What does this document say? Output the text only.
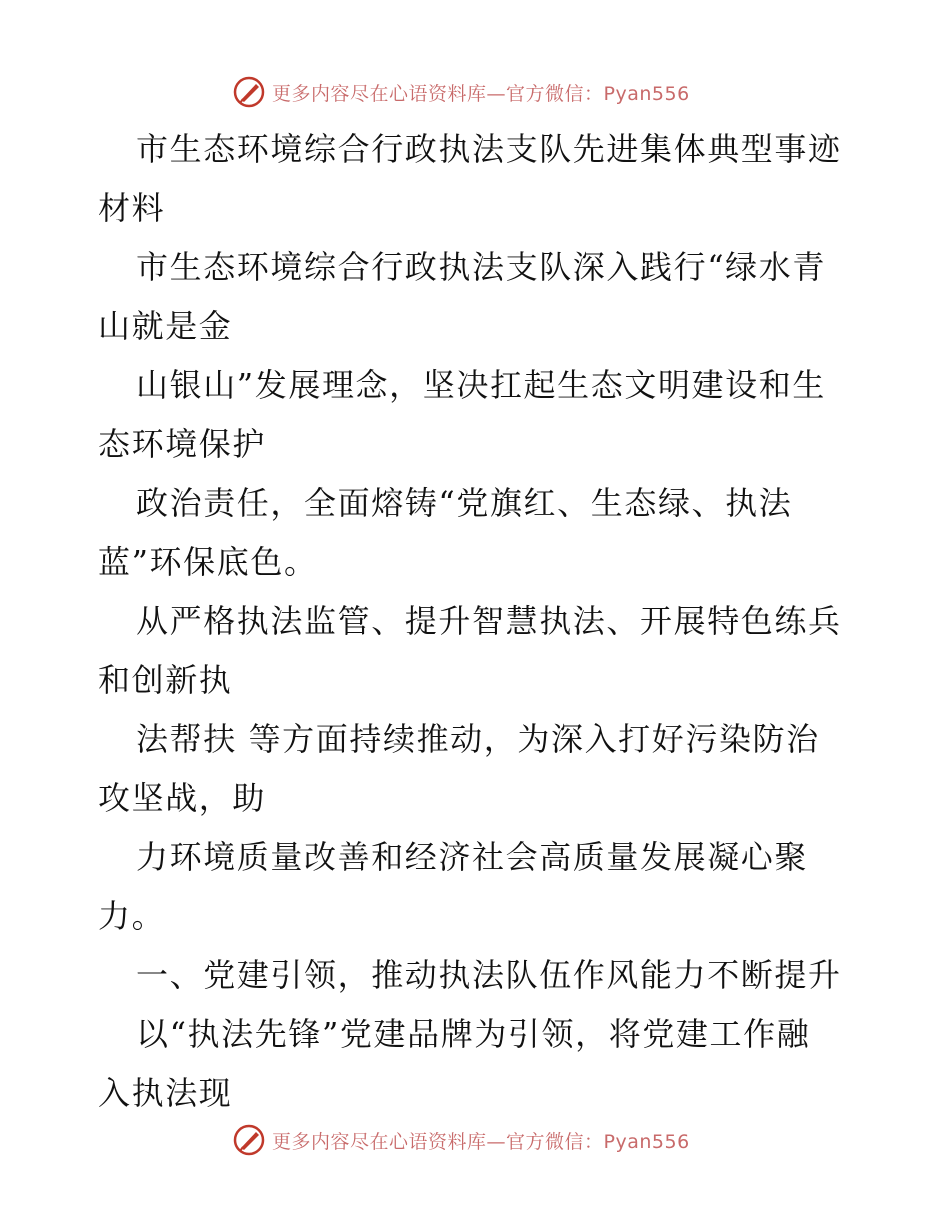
更多内容尽在心语资料库—官方微信：Pyan556
市生态环境综合行政执法支队先进集体典型事迹
材料
市生态环境综合行政执法支队深入践行“绿水青
山就是金
山银山”发展理念，坚决扛起生态文明建设和生
态环境保护
政治责任，全面熔铸“党旗红、生态绿、执法
蓝”环保底色。
从严格执法监管、提升智慧执法、开展特色练兵
和创新执
法帮扶 等方面持续推动，为深入打好污染防治
攻坚战，助
力环境质量改善和经济社会高质量发展凝心聚
力。
一、党建引领，推动执法队伍作风能力不断提升
以“执法先锋”党建品牌为引领，将党建工作融
入执法现
更多内容尽在心语资料库—官方微信：Pyan556
